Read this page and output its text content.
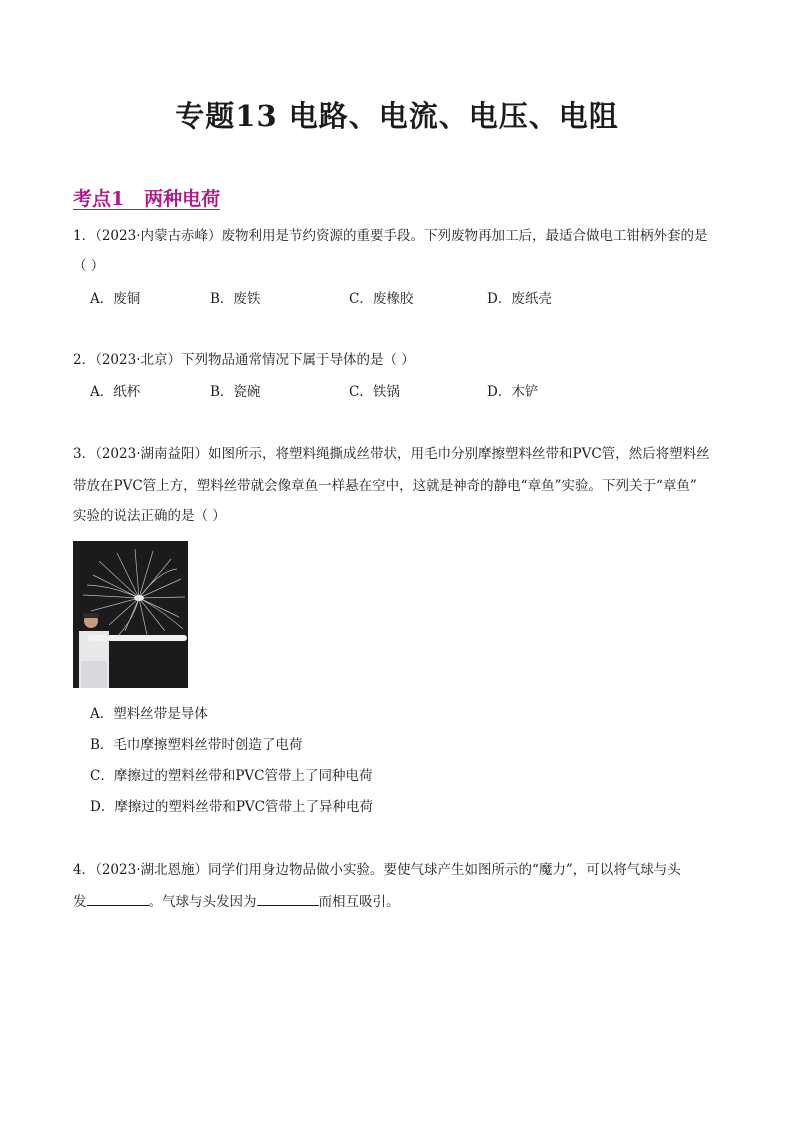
专题13 电路、电流、电压、电阻
考点1   两种电荷

1．（2023·内蒙古赤峰）废物利用是节约资源的重要手段。下列废物再加工后，最适合做电工钳柄外套的是

（ ）

A．废铜	B．废铁	C．废橡胶	D．废纸壳

2．（2023·北京）下列物品通常情况下属于导体的是（ ）

A．纸杯	B．瓷碗	C．铁锅	D．木铲

3．（2023·湖南益阳）如图所示，将塑料绳撕成丝带状，用毛巾分别摩擦塑料丝带和PVC管，然后将塑料丝

带放在PVC管上方，塑料丝带就会像章鱼一样悬在空中，这就是神奇的静电“章鱼”实验。下列关于“章鱼”

实验的说法正确的是（ ）

A．塑料丝带是导体
B．毛巾摩擦塑料丝带时创造了电荷
C．摩擦过的塑料丝带和PVC管带上了同种电荷
D．摩擦过的塑料丝带和PVC管带上了异种电荷

4．（2023·湖北恩施）同学们用身边物品做小实验。要使气球产生如图所示的“魔力”，可以将气球与头

发	。气球与头发因为	而相互吸引。
